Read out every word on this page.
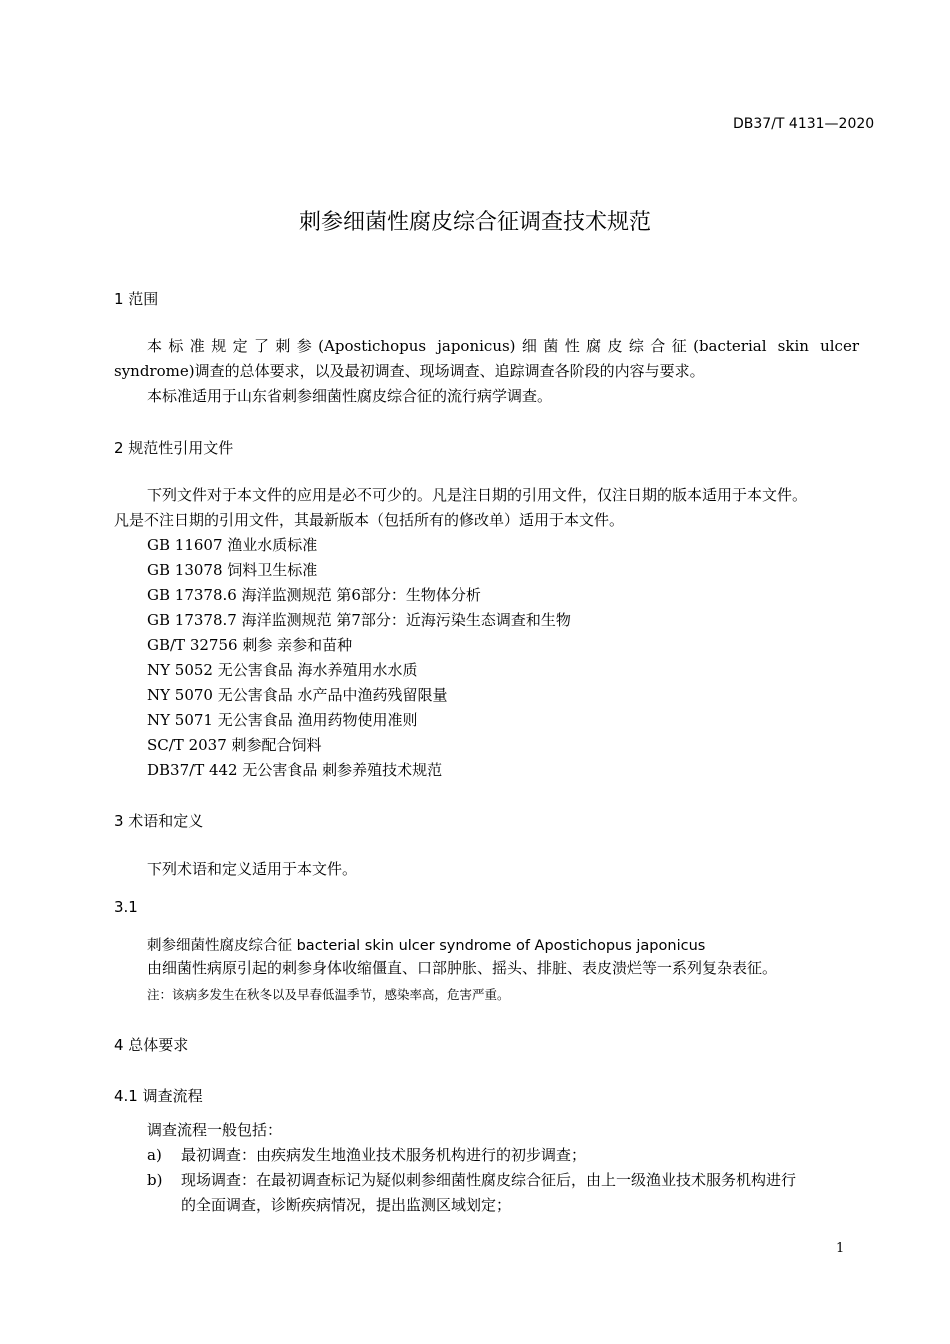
DB37/T 4131—2020
刺参细菌性腐皮综合征调查技术规范
1 范围
本标准规定了刺参(Apostichopus japonicus)细菌性腐皮综合征(bacterial skin ulcer
syndrome)调查的总体要求，以及最初调查、现场调查、追踪调查各阶段的内容与要求。
本标准适用于山东省刺参细菌性腐皮综合征的流行病学调查。
2 规范性引用文件
下列文件对于本文件的应用是必不可少的。凡是注日期的引用文件，仅注日期的版本适用于本文件。
凡是不注日期的引用文件，其最新版本（包括所有的修改单）适用于本文件。
GB 11607 渔业水质标准
GB 13078 饲料卫生标准
GB 17378.6 海洋监测规范 第6部分：生物体分析
GB 17378.7 海洋监测规范 第7部分：近海污染生态调查和生物
GB/T 32756 刺参 亲参和苗种
NY 5052 无公害食品 海水养殖用水水质
NY 5070 无公害食品 水产品中渔药残留限量
NY 5071 无公害食品 渔用药物使用准则
SC/T 2037 刺参配合饲料
DB37/T 442 无公害食品 刺参养殖技术规范
3 术语和定义
下列术语和定义适用于本文件。
3.1
刺参细菌性腐皮综合征 bacterial skin ulcer syndrome of Apostichopus japonicus
由细菌性病原引起的刺参身体收缩僵直、口部肿胀、摇头、排脏、表皮溃烂等一系列复杂表征。
注：该病多发生在秋冬以及早春低温季节，感染率高，危害严重。
4 总体要求
4.1 调查流程
调查流程一般包括：
a) 最初调查：由疾病发生地渔业技术服务机构进行的初步调查；
b) 现场调查：在最初调查标记为疑似刺参细菌性腐皮综合征后，由上一级渔业技术服务机构进行
的全面调查，诊断疾病情况，提出监测区域划定；
1
